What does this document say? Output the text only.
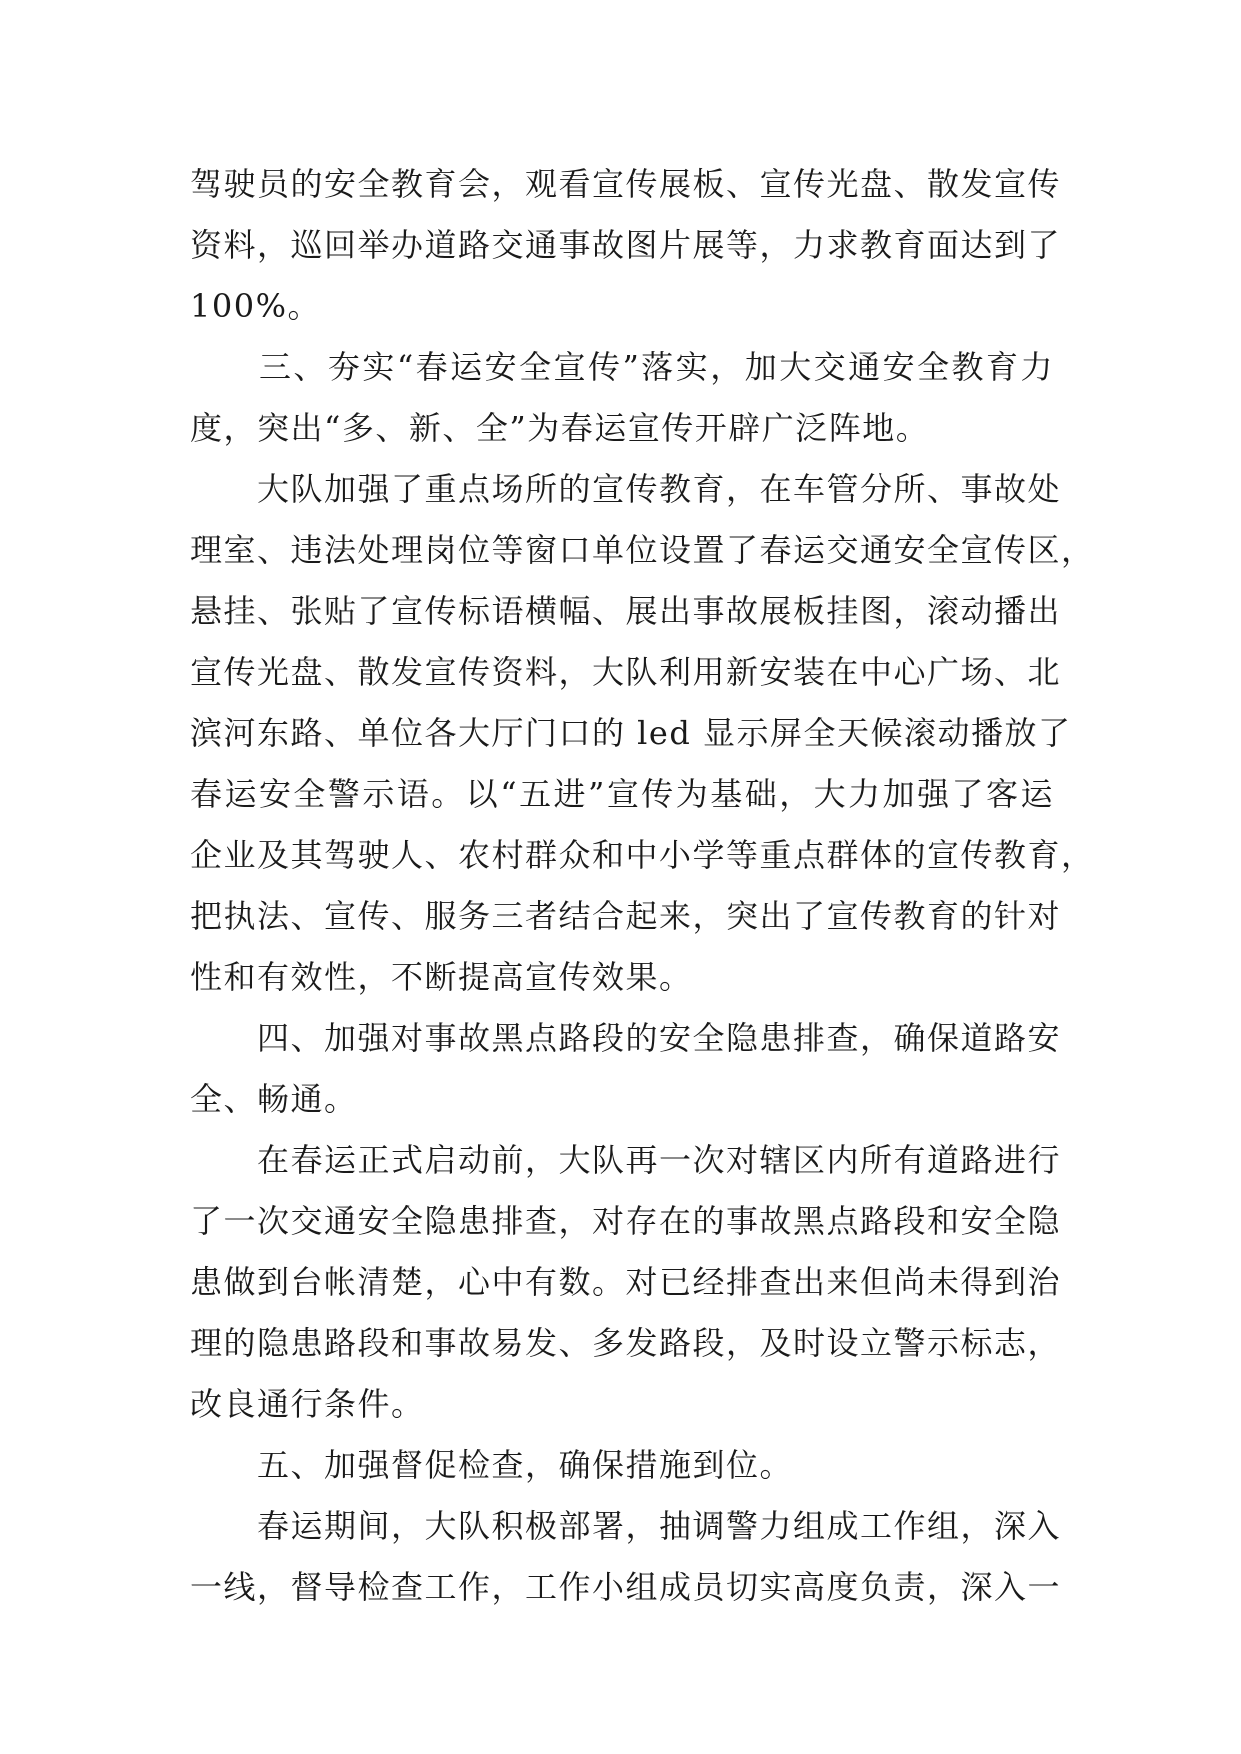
驾驶员的安全教育会，观看宣传展板、宣传光盘、散发宣传
资料，巡回举办道路交通事故图片展等，力求教育面达到了
100%。
　　三、夯实“春运安全宣传”落实，加大交通安全教育力
度，突出“多、新、全”为春运宣传开辟广泛阵地。
　　大队加强了重点场所的宣传教育，在车管分所、事故处
理室、违法处理岗位等窗口单位设置了春运交通安全宣传区，
悬挂、张贴了宣传标语横幅、展出事故展板挂图，滚动播出
宣传光盘、散发宣传资料，大队利用新安装在中心广场、北
滨河东路、单位各大厅门口的 led 显示屏全天候滚动播放了
春运安全警示语。以“五进”宣传为基础，大力加强了客运
企业及其驾驶人、农村群众和中小学等重点群体的宣传教育，
把执法、宣传、服务三者结合起来，突出了宣传教育的针对
性和有效性，不断提高宣传效果。
　　四、加强对事故黑点路段的安全隐患排查，确保道路安
全、畅通。
　　在春运正式启动前，大队再一次对辖区内所有道路进行
了一次交通安全隐患排查，对存在的事故黑点路段和安全隐
患做到台帐清楚，心中有数。对已经排查出来但尚未得到治
理的隐患路段和事故易发、多发路段，及时设立警示标志，
改良通行条件。
　　五、加强督促检查，确保措施到位。
　　春运期间，大队积极部署，抽调警力组成工作组，深入
一线，督导检查工作，工作小组成员切实高度负责，深入一
